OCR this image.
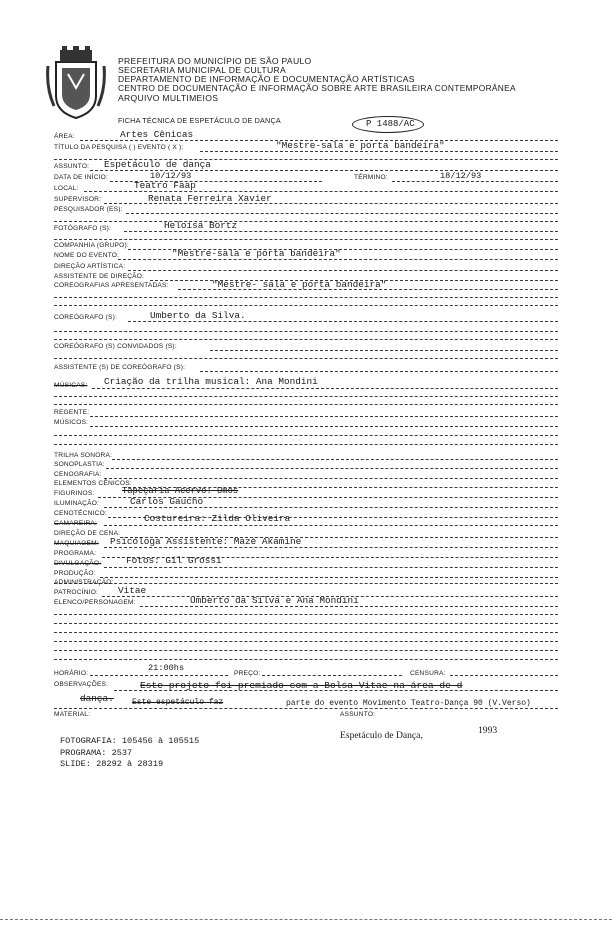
PREFEITURA DO MUNICÍPIO DE SÃO PAULO
SECRETARIA MUNICIPAL DE CULTURA
DEPARTAMENTO DE INFORMAÇÃO E DOCUMENTAÇÃO ARTÍSTICAS
CENTRO DE DOCUMENTAÇÃO E INFORMAÇÃO SOBRE ARTE BRASILEIRA CONTEMPORÂNEA
ARQUIVO MULTIMEIOS
FICHA TÉCNICA DE ESPETÁCULO DE DANÇA	P 1488/AC
ÁREA:	Artes Cênicas
TÍTULO DA PESQUISA ( ) EVENTO ( X ):	"Mestre-sala e porta bandeira"
ASSUNTO: Espetáculo de dança
DATA DE INÍCIO:	10/12/93	TÉRMINO:	18/12/93
LOCAL:	Teatro Faap
SUPERVISOR:	Renata Ferreira Xavier
PESQUISADOR (ES):
FOTÓGRAFO (S):	Heloisa Bortz
COMPANHIA (GRUPO):
NOME DO EVENTO:	"Mestre-sala e porta bandeira"
DIREÇÃO ARTÍSTICA:
ASSISTENTE DE DIREÇÃO:
COREOGRAFIAS APRESENTADAS:	"Mestre- sala e porta bandeira"
COREÓGRAFO (S):	Umberto da Silva.
COREÓGRAFO (S) CONVIDADOS (S):
ASSISTENTE (S) DE COREÓGRAFO (S):
MÚSICAS: Criação da trilha musical: Ana Mondini
REGENTE:
MÚSICOS:
TRILHA SONORA:
SONOPLASTIA:
CENOGRAFIA:
ELEMENTOS CÊNICOS:
FIGURINOS:	Tapeçaria Acervo: Umos
ILUMINAÇÃO:	Carlos Gaucho
CENOTÉCNICO:
CAMAREIRA:	Costureira: Zilda Oliveira
DIREÇÃO DE CENA:
MAQUIAGEM: Psicóloga Assistente: Mazé Akamine
PROGRAMA:
DIVULGAÇÃO:	Fotos: Gil Grossi
PRODUÇÃO:
ADMINISTRAÇÃO:
PATROCÍNIO: Vitae
ELENCO/PERSONAGEM:	Umberto da Silva e Ana Mondini
HORÁRIO:
21:00hs
PREÇO:	CENSURA:
OBSERVAÇÕES:	Este projeto foi premiado com a Bolsa Vitae na área de d
dança. Este espetáculo faz	parte do evento Movimento Teatro-Dança 90 (V.Verso)
MATERIAL:	ASSUNTO:
Espetáculo de Dança,	1993
FOTOGRAFIA: 105456 à 105515
PROGRAMA: 2537
SLIDE: 28292 à 28319
